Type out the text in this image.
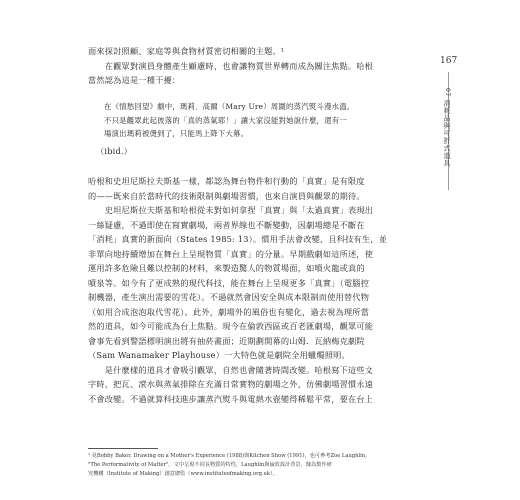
167
07 消耗品與可折式道具
面來探討照顧、家庭等與食物材質密切相關的主題。¹
　　在觀眾對演員身體產生顧慮時，也會讓物質世界轉而成為關注焦點。哈根
當然認為這是一種干擾：
在《情愁回望》劇中，瑪莉．高爾（Mary Ure）周圍的蒸汽熨斗漫水溫。
不只是觀眾此起彼落的「真的蒸氣耶！」讓大家沒能對她說什麼，還有一
場演出瑪莉被燙到了，只能馬上降下大幕。
（ibid.）
哈根和史坦尼斯拉夫斯基一樣，都認為舞台物件和行動的「真實」是有限度
的——既來自於當時代的技術限制與劇場習慣，也來自演員與觀眾的期待。
　　史坦尼斯拉夫斯基和哈根從未對如何拿捏「真實」與「太過真實」表現出
一絲疑慮，不過即使在寫實劇場，兩者界線也不斷變動，因劇場總是不斷在
「消耗」真實的新面向（States 1985: 13）。慣用手法會改變，且科技有生，並
非單向地持續增加在舞台上呈現物質「真實」的分量。早期戲劇如這所述，使
運用許多危險且難以控制的材料，來製造驚人的物質場面，如噴火龍或真的
噴泉等。如今有了更成熟的現代科技，能在舞台上呈現更多「真實」（電腦控
制機器，產生演出需要的雪花）。不過就然會因安全與成本限制而使用替代物
（如用合成泡泡取代雪花）。此外，劇場外的風俗也有變化，過去視為理所當
然的道具，如今可能成為台上焦點。現今在倫敦西區或百老匯劇場，觀眾可能
會事先看到警語標明演出將有抽菸畫面；近期劃開幕的山姆．瓦納梅克劇院
（Sam Wanamaker Playhouse）一大特色就是劇院全用蠟燭照明。
　　是什麼樣的道具才會吸引觀眾，自然也會隨著時間改變。哈根寫下這些文
字時，把瓦、滾水與蒸氣排除在充滿日常實物的劇場之外，仿佛劇場習慣永遠
不會改變。不過就算科技進步讓蒸汽熨斗與電熱水壺變得稀鬆平常，要在台上
¹ 見Bobby Baker, Drawing on a Mother's Experience (1988)與Kitchen Show (1991)，也可參考Zoe Laughlin,
"The Performativity of Matter"。文中呈現不同長物質的特性，Laughlin與倫敦設計背景，隸為製作研
究機構（Institute of Making）創意總監（www.instituteofmaking.org.uk）。
